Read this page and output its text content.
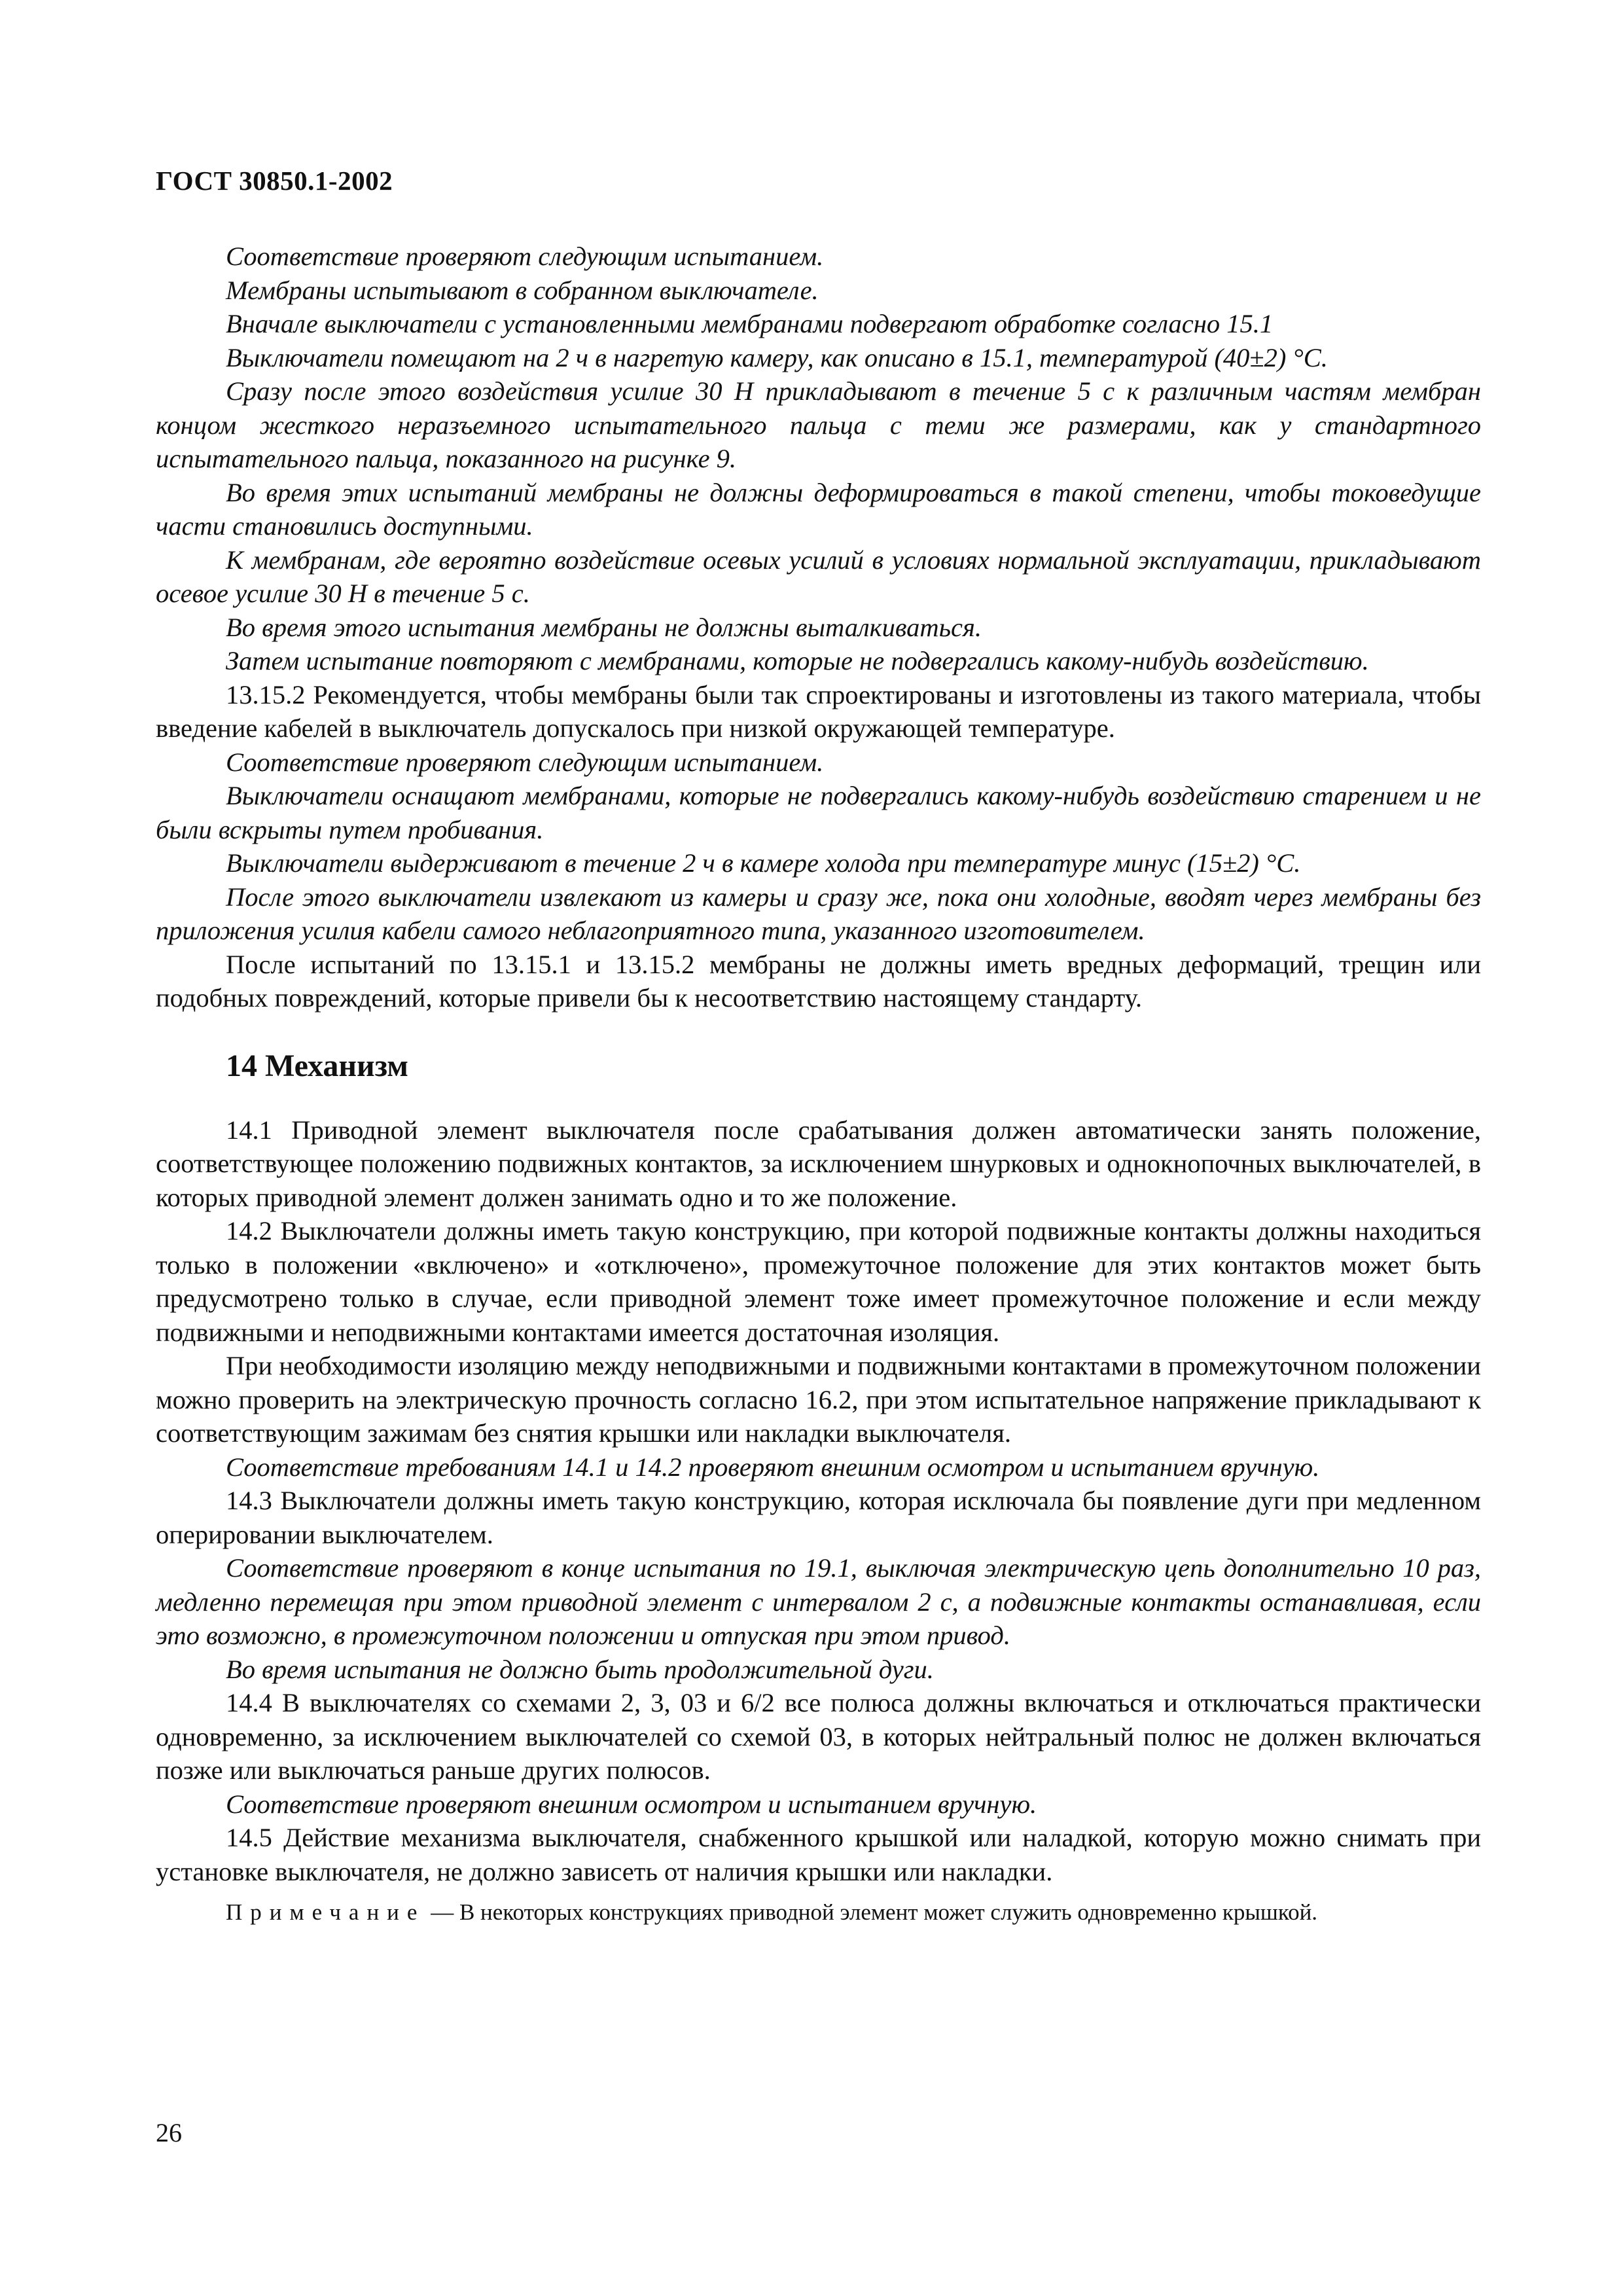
ГОСТ 30850.1-2002

Соответствие проверяют следующим испытанием.

Мембраны испытывают в собранном выключателе.

Вначале выключатели с установленными мембранами подвергают обработке согласно 15.1

Выключатели помещают на 2 ч в нагретую камеру, как описано в 15.1, температурой (40±2) °С.

Сразу после этого воздействия усилие 30 Н прикладывают в течение 5 с к различным частям мембран концом жесткого неразъемного испытательного пальца с теми же размерами, как у стандартного испытательного пальца, показанного на рисунке 9.

Во время этих испытаний мембраны не должны деформироваться в такой степени, чтобы токоведущие части становились доступными.

К мембранам, где вероятно воздействие осевых усилий в условиях нормальной эксплуатации, прикладывают осевое усилие 30 Н в течение 5 с.

Во время этого испытания мембраны не должны выталкиваться.

Затем испытание повторяют с мембранами, которые не подвергались какому-нибудь воздействию.

13.15.2 Рекомендуется, чтобы мембраны были так спроектированы и изготовлены из такого материала, чтобы введение кабелей в выключатель допускалось при низкой окружающей температуре.

Соответствие проверяют следующим испытанием.

Выключатели оснащают мембранами, которые не подвергались какому-нибудь воздействию старением и не были вскрыты путем пробивания.

Выключатели выдерживают в течение 2 ч в камере холода при температуре минус (15±2) °С.

После этого выключатели извлекают из камеры и сразу же, пока они холодные, вводят через мембраны без приложения усилия кабели самого неблагоприятного типа, указанного изготовителем.

После испытаний по 13.15.1 и 13.15.2 мембраны не должны иметь вредных деформаций, трещин или подобных повреждений, которые привели бы к несоответствию настоящему стандарту.

14 Механизм

14.1 Приводной элемент выключателя после срабатывания должен автоматически занять положение, соответствующее положению подвижных контактов, за исключением шнурковых и однокнопочных выключателей, в которых приводной элемент должен занимать одно и то же положение.

14.2 Выключатели должны иметь такую конструкцию, при которой подвижные контакты должны находиться только в положении «включено» и «отключено», промежуточное положение для этих контактов может быть предусмотрено только в случае, если приводной элемент тоже имеет промежуточное положение и если между подвижными и неподвижными контактами имеется достаточная изоляция.

При необходимости изоляцию между неподвижными и подвижными контактами в промежуточном положении можно проверить на электрическую прочность согласно 16.2, при этом испытательное напряжение прикладывают к соответствующим зажимам без снятия крышки или накладки выключателя.

Соответствие требованиям 14.1 и 14.2 проверяют внешним осмотром и испытанием вручную.

14.3 Выключатели должны иметь такую конструкцию, которая исключала бы появление дуги при медленном оперировании выключателем.

Соответствие проверяют в конце испытания по 19.1, выключая электрическую цепь дополнительно 10 раз, медленно перемещая при этом приводной элемент с интервалом 2 с, а подвижные контакты останавливая, если это возможно, в промежуточном положении и отпуская при этом привод.

Во время испытания не должно быть продолжительной дуги.

14.4 В выключателях со схемами 2, 3, 03 и 6/2 все полюса должны включаться и отключаться практически одновременно, за исключением выключателей со схемой 03, в которых нейтральный полюс не должен включаться позже или выключаться раньше других полюсов.

Соответствие проверяют внешним осмотром и испытанием вручную.

14.5 Действие механизма выключателя, снабженного крышкой или наладкой, которую можно снимать при установке выключателя, не должно зависеть от наличия крышки или накладки.

Примечание — В некоторых конструкциях приводной элемент может служить одновременно крышкой.

26
